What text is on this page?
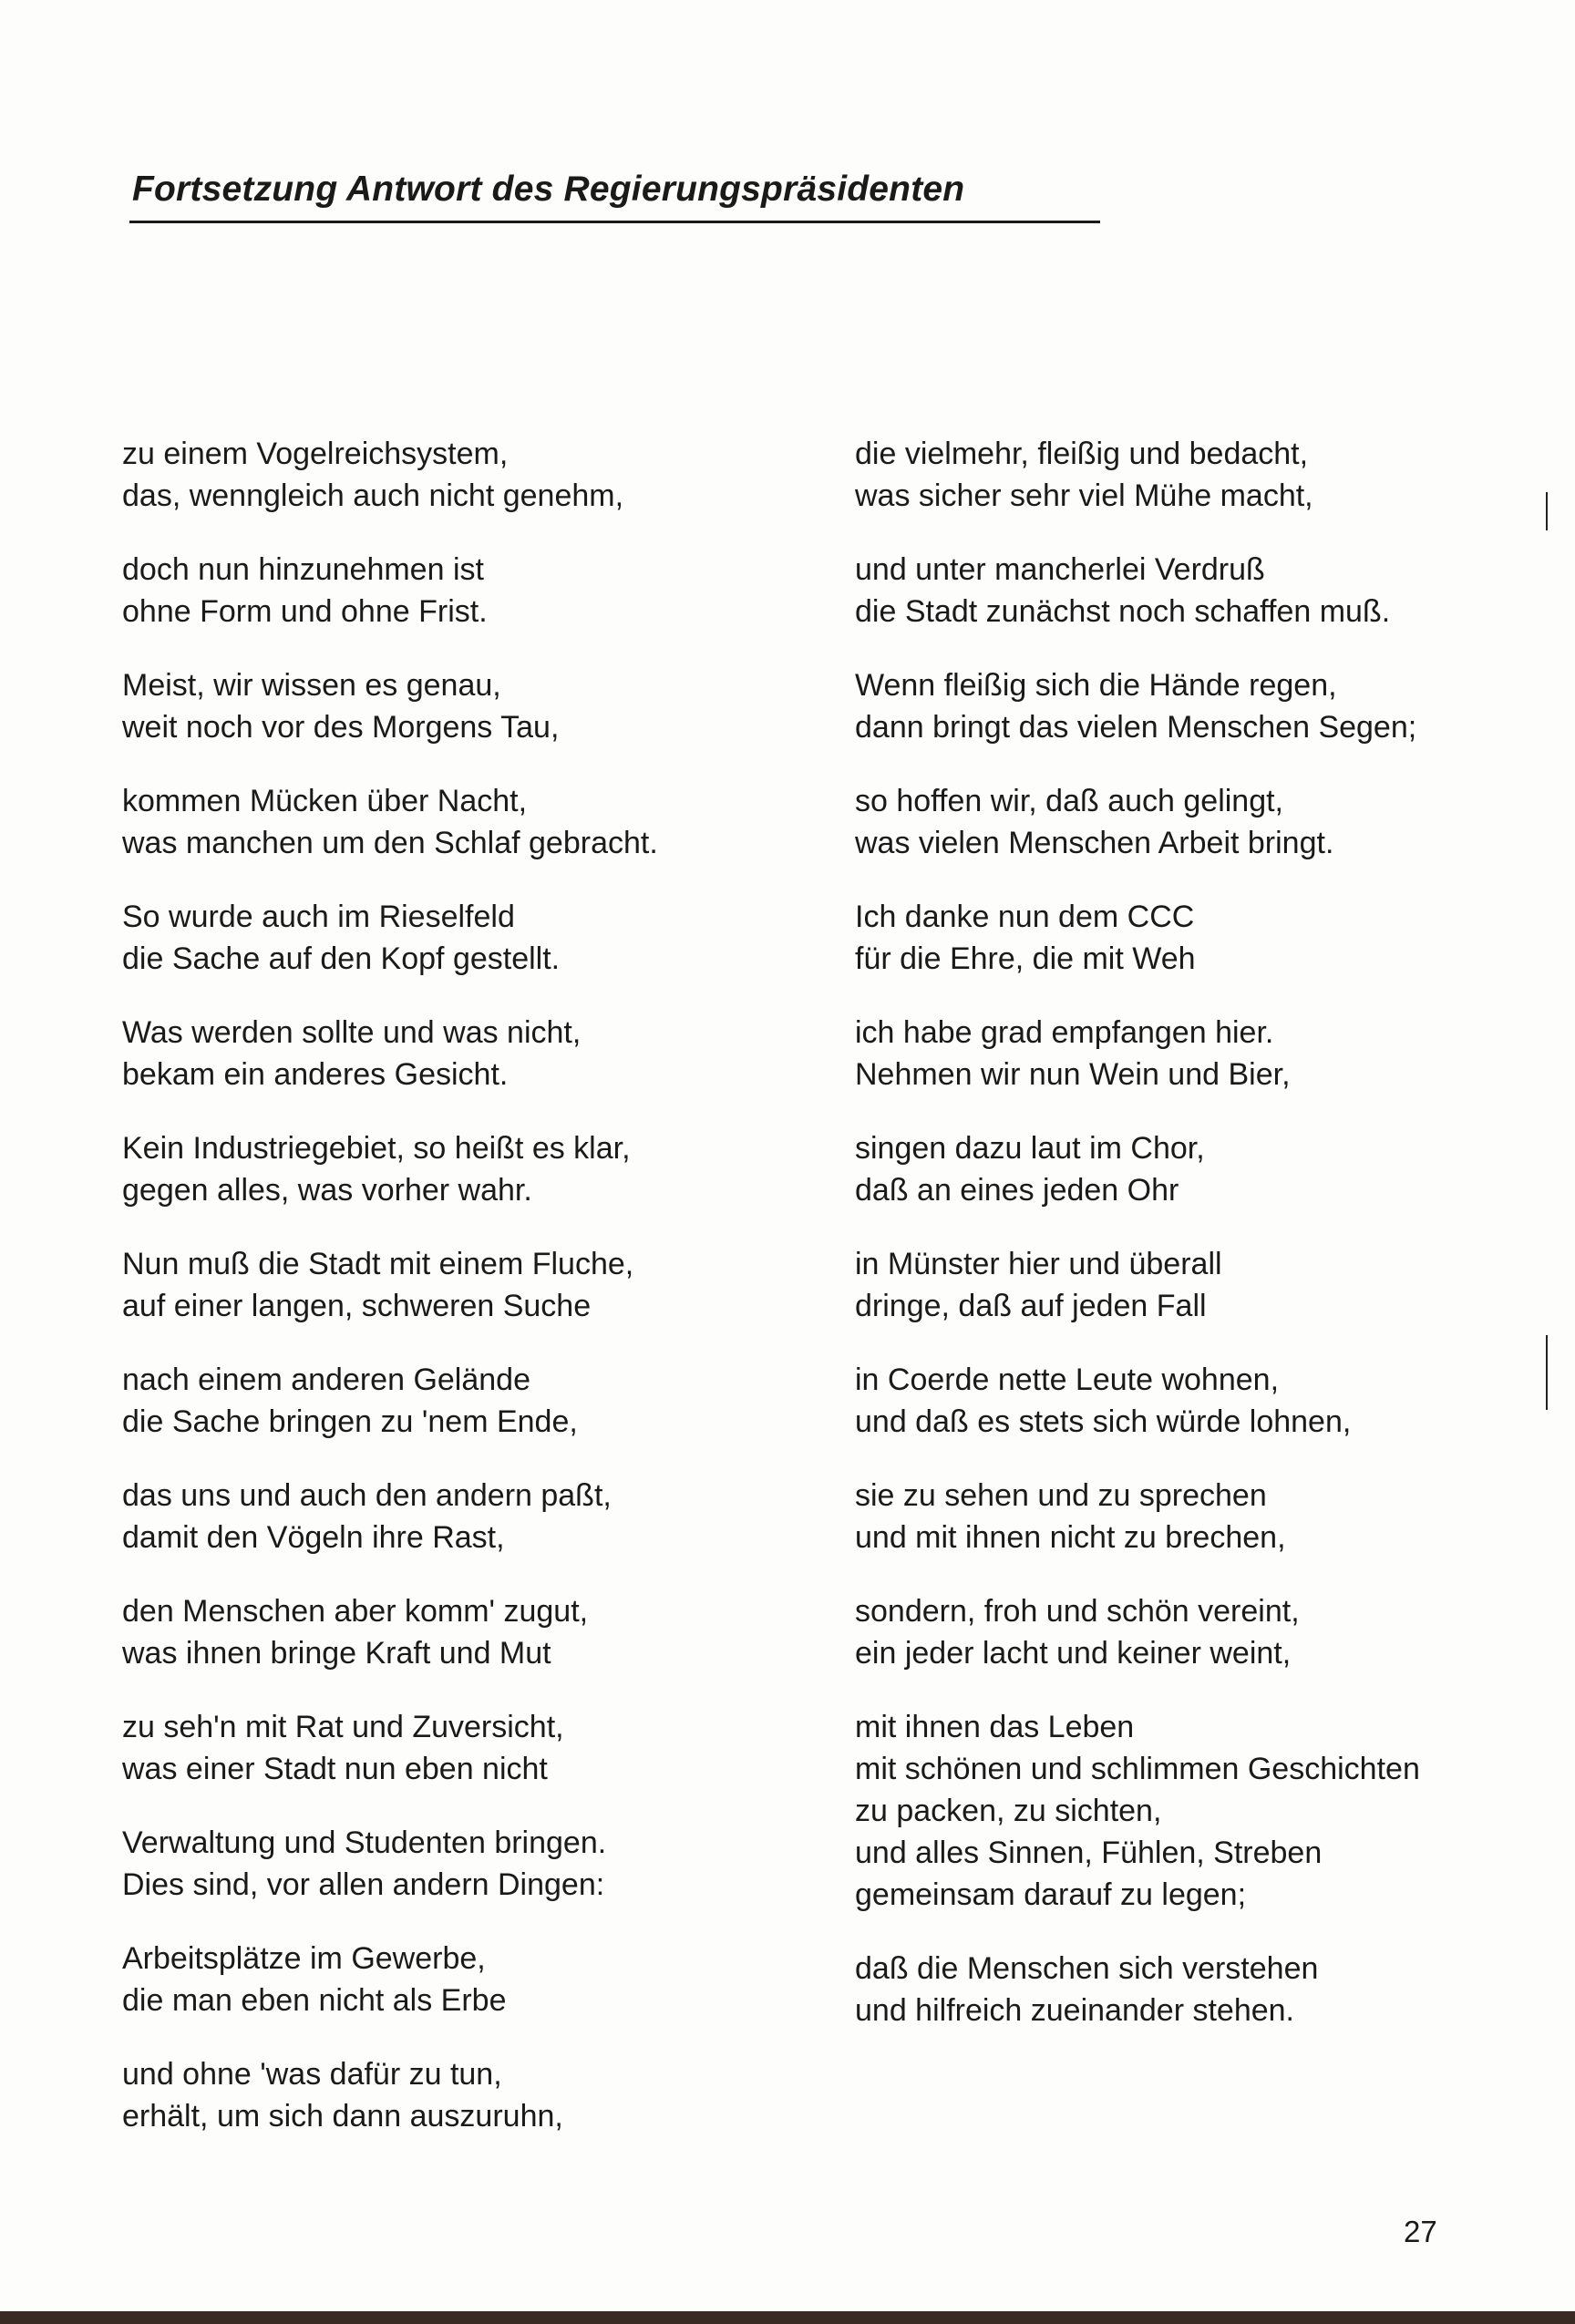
Fortsetzung Antwort des Regierungspräsidenten

zu einem Vogelreichsystem,
das, wenngleich auch nicht genehm,

doch nun hinzunehmen ist
ohne Form und ohne Frist.

Meist, wir wissen es genau,
weit noch vor des Morgens Tau,

kommen Mücken über Nacht,
was manchen um den Schlaf gebracht.

So wurde auch im Rieselfeld
die Sache auf den Kopf gestellt.

Was werden sollte und was nicht,
bekam ein anderes Gesicht.

Kein Industriegebiet, so heißt es klar,
gegen alles, was vorher wahr.

Nun muß die Stadt mit einem Fluche,
auf einer langen, schweren Suche

nach einem anderen Gelände
die Sache bringen zu 'nem Ende,

das uns und auch den andern paßt,
damit den Vögeln ihre Rast,

den Menschen aber komm' zugut,
was ihnen bringe Kraft und Mut

zu seh'n mit Rat und Zuversicht,
was einer Stadt nun eben nicht

Verwaltung und Studenten bringen.
Dies sind, vor allen andern Dingen:

Arbeitsplätze im Gewerbe,
die man eben nicht als Erbe

und ohne 'was dafür zu tun,
erhält, um sich dann auszuruhn,

die vielmehr, fleißig und bedacht,
was sicher sehr viel Mühe macht,

und unter mancherlei Verdruß
die Stadt zunächst noch schaffen muß.

Wenn fleißig sich die Hände regen,
dann bringt das vielen Menschen Segen;

so hoffen wir, daß auch gelingt,
was vielen Menschen Arbeit bringt.

Ich danke nun dem CCC
für die Ehre, die mit Weh

ich habe grad empfangen hier.
Nehmen wir nun Wein und Bier,

singen dazu laut im Chor,
daß an eines jeden Ohr

in Münster hier und überall
dringe, daß auf jeden Fall

in Coerde nette Leute wohnen,
und daß es stets sich würde lohnen,

sie zu sehen und zu sprechen
und mit ihnen nicht zu brechen,

sondern, froh und schön vereint,
ein jeder lacht und keiner weint,

mit ihnen das Leben
mit schönen und schlimmen Geschichten
zu packen, zu sichten,
und alles Sinnen, Fühlen, Streben
gemeinsam darauf zu legen;

daß die Menschen sich verstehen
und hilfreich zueinander stehen.

27
